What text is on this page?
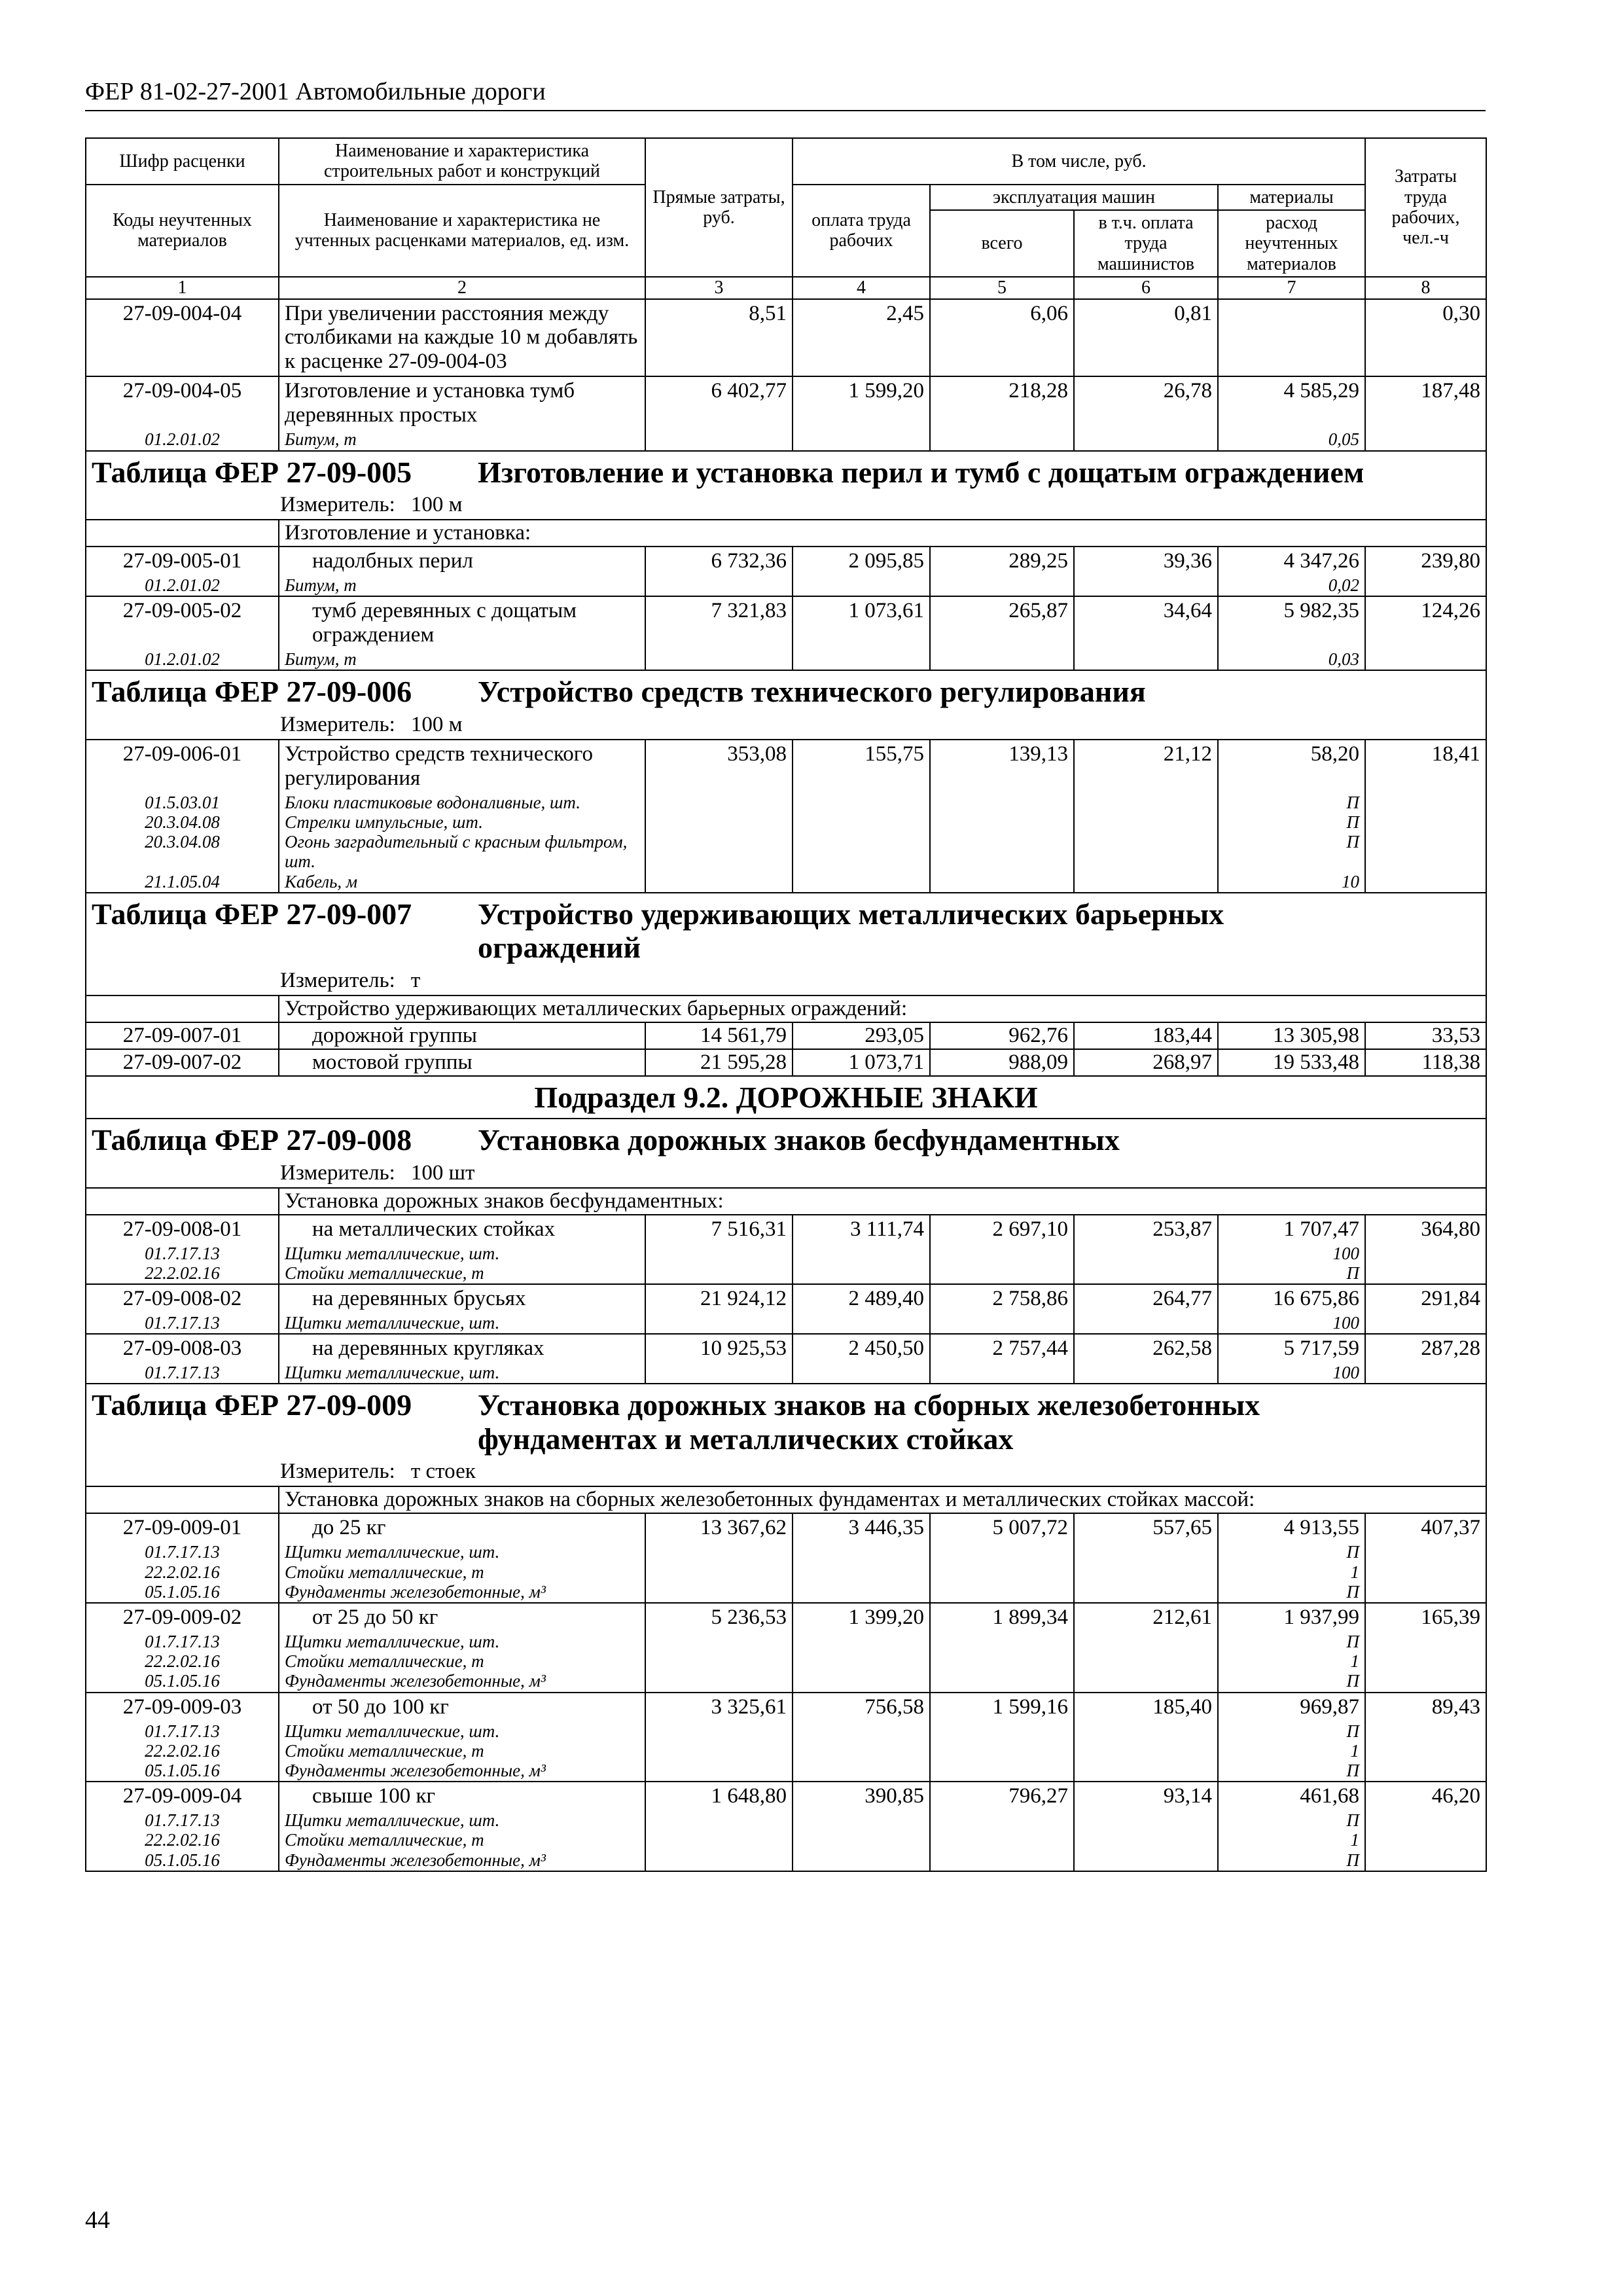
ФЕР 81-02-27-2001 Автомобильные дороги
Шифр расценки	Наименование и характеристика строительных работ и конструкций	Прямые затраты, руб.	В том числе, руб.				Затраты труда рабочих, чел.-ч
Коды неучтенных материалов	Наименование и характеристика не учтенных расценками материалов, ед. изм.		оплата труда рабочих	эксплуатация машин		материалы	
				всего	в т.ч. оплата труда машинистов	расход неучтенных материалов	
1	2	3	4	5	6	7	8
27-09-004-04	При увеличении расстояния между столбиками на каждые 10 м добавлять к расценке 27-09-004-03	8,51	2,45	6,06	0,81		0,30
27-09-004-05	Изготовление и установка тумб деревянных простых	6 402,77	1 599,20	218,28	26,78	4 585,29	187,48
01.2.01.02	Битум, т					0,05	
Таблица ФЕР 27-09-005 Изготовление и установка перил и тумб с дощатым ограждением							
Измеритель: 100 м							
	Изготовление и установка:						
27-09-005-01	надолбных перил	6 732,36	2 095,85	289,25	39,36	4 347,26	239,80
01.2.01.02	Битум, т					0,02	
27-09-005-02	тумб деревянных с дощатым ограждением	7 321,83	1 073,61	265,87	34,64	5 982,35	124,26
01.2.01.02	Битум, т					0,03	
Таблица ФЕР 27-09-006 Устройство средств технического регулирования							
Измеритель: 100 м							
27-09-006-01	Устройство средств технического регулирования	353,08	155,75	139,13	21,12	58,20	18,41
01.5.03.01	Блоки пластиковые водоналивные, шт.					П	
20.3.04.08	Стрелки импульсные, шт.					П	
20.3.04.08	Огонь заградительный с красным фильтром, шт.					П	
21.1.05.04	Кабель, м					10	
Таблица ФЕР 27-09-007 Устройство удерживающих металлических барьерных
ограждений							

Измеритель: т							
	Устройство удерживающих металлических барьерных ограждений:						
27-09-007-01	дорожной группы	14 561,79	293,05	962,76	183,44	13 305,98	33,53
27-09-007-02	мостовой группы	21 595,28	1 073,71	988,09	268,97	19 533,48	118,38
Подраздел 9.2. ДОРОЖНЫЕ ЗНАКИ							
Таблица ФЕР 27-09-008 Установка дорожных знаков бесфундаментных							
Измеритель: 100 шт							
	Установка дорожных знаков бесфундаментных:						
27-09-008-01	на металлических стойках	7 516,31	3 111,74	2 697,10	253,87	1 707,47	364,80
01.7.17.13	Щитки металлические, шт.					100	
22.2.02.16	Стойки металлические, т					П	
27-09-008-02	на деревянных брусьях	21 924,12	2 489,40	2 758,86	264,77	16 675,86	291,84
01.7.17.13	Щитки металлические, шт.					100	
27-09-008-03	на деревянных кругляках	10 925,53	2 450,50	2 757,44	262,58	5 717,59	287,28
01.7.17.13	Щитки металлические, шт.					100	
Таблица ФЕР 27-09-009 Установка дорожных знаков на сборных железобетонных
фундаментах и металлических стойках							

Измеритель: т стоек							
	Установка дорожных знаков на сборных железобетонных фундаментах и металлических стойках массой:						
27-09-009-01	до 25 кг	13 367,62	3 446,35	5 007,72	557,65	4 913,55	407,37
01.7.17.13	Щитки металлические, шт.					П	
22.2.02.16	Стойки металлические, т					1	
05.1.05.16	Фундаменты железобетонные, м³					П	
27-09-009-02	от 25 до 50 кг	5 236,53	1 399,20	1 899,34	212,61	1 937,99	165,39
01.7.17.13	Щитки металлические, шт.					П	
22.2.02.16	Стойки металлические, т					1	
05.1.05.16	Фундаменты железобетонные, м³					П	
27-09-009-03	от 50 до 100 кг	3 325,61	756,58	1 599,16	185,40	969,87	89,43
01.7.17.13	Щитки металлические, шт.					П	
22.2.02.16	Стойки металлические, т					1	
05.1.05.16	Фундаменты железобетонные, м³					П	
27-09-009-04	свыше 100 кг	1 648,80	390,85	796,27	93,14	461,68	46,20
01.7.17.13	Щитки металлические, шт.					П	
22.2.02.16	Стойки металлические, т					1	
05.1.05.16	Фундаменты железобетонные, м³					П	
44
